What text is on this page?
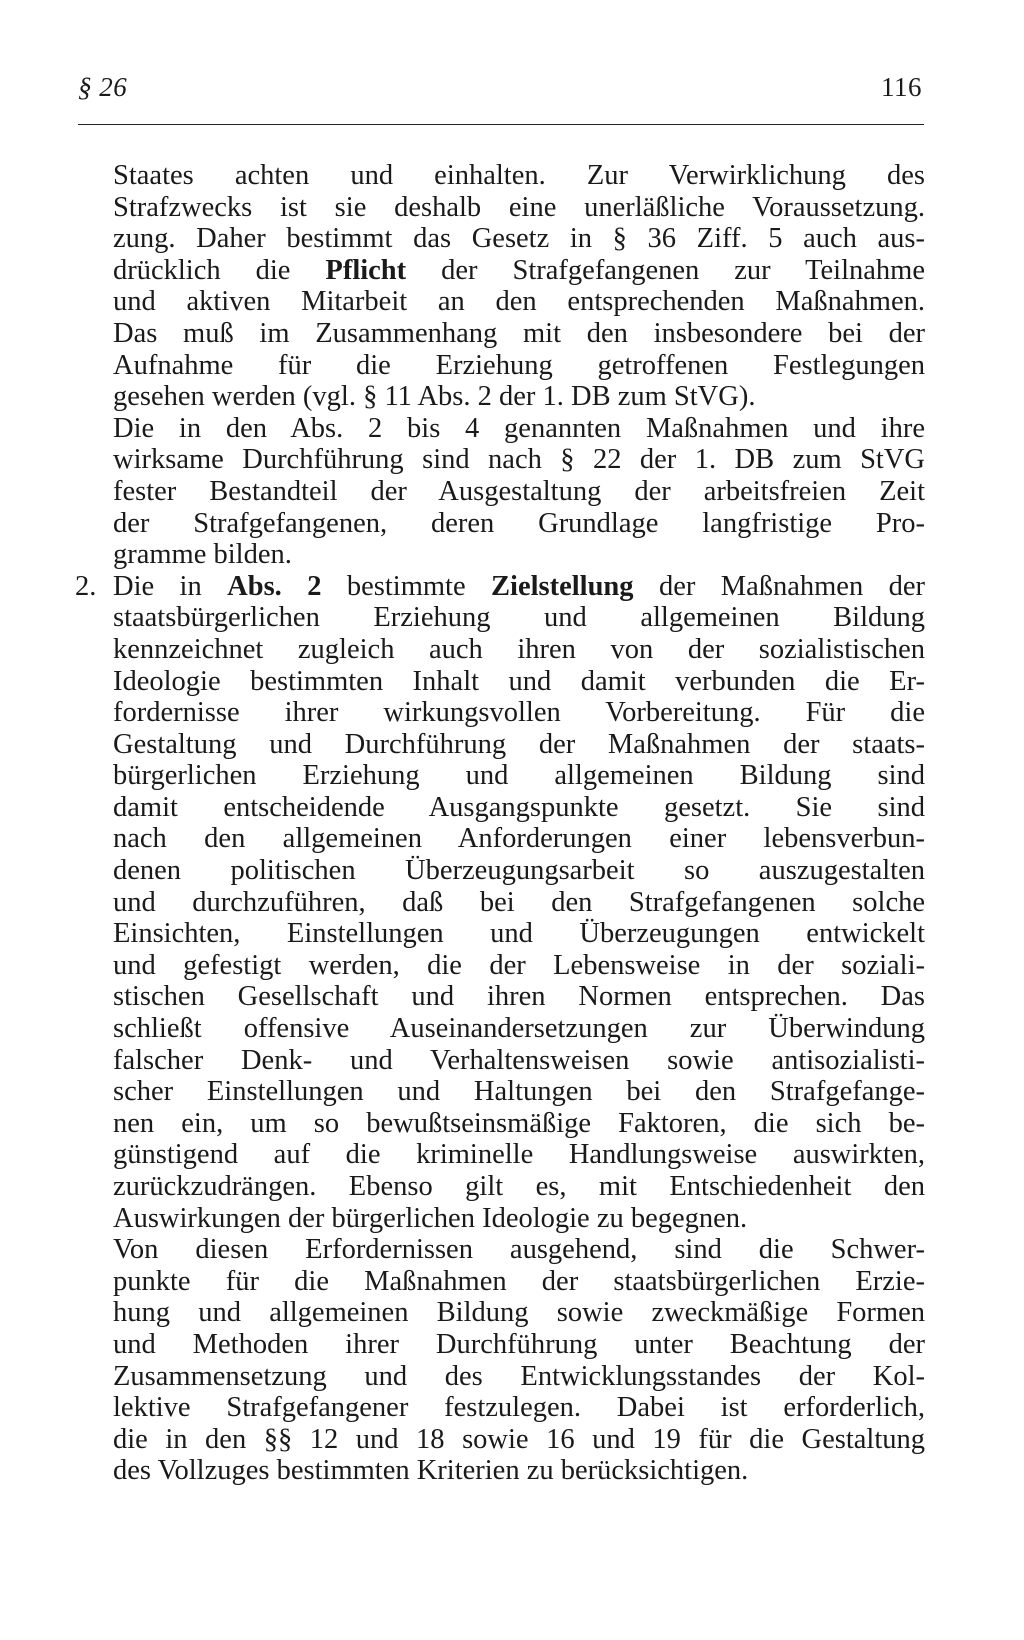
§ 26	116
Staates achten und einhalten. Zur Verwirklichung des
Strafzwecks ist sie deshalb eine unerläßliche Voraussetzung.
zung. Daher bestimmt das Gesetz in § 36 Ziff. 5 auch aus-
drücklich die Pflicht der Strafgefangenen zur Teilnahme
und aktiven Mitarbeit an den entsprechenden Maßnahmen.
Das muß im Zusammenhang mit den insbesondere bei der
Aufnahme für die Erziehung getroffenen Festlegungen
gesehen werden (vgl. § 11 Abs. 2 der 1. DB zum StVG).
Die in den Abs. 2 bis 4 genannten Maßnahmen und ihre
wirksame Durchführung sind nach § 22 der 1. DB zum StVG
fester Bestandteil der Ausgestaltung der arbeitsfreien Zeit
der Strafgefangenen, deren Grundlage langfristige Pro-
gramme bilden.
2. Die in Abs. 2 bestimmte Zielstellung der Maßnahmen der
staatsbürgerlichen Erziehung und allgemeinen Bildung
kennzeichnet zugleich auch ihren von der sozialistischen
Ideologie bestimmten Inhalt und damit verbunden die Er-
fordernisse ihrer wirkungsvollen Vorbereitung. Für die
Gestaltung und Durchführung der Maßnahmen der staats-
bürgerlichen Erziehung und allgemeinen Bildung sind
damit entscheidende Ausgangspunkte gesetzt. Sie sind
nach den allgemeinen Anforderungen einer lebensverbun-
denen politischen Überzeugungsarbeit so auszugestalten
und durchzuführen, daß bei den Strafgefangenen solche
Einsichten, Einstellungen und Überzeugungen entwickelt
und gefestigt werden, die der Lebensweise in der soziali-
stischen Gesellschaft und ihren Normen entsprechen. Das
schließt offensive Auseinandersetzungen zur Überwindung
falscher Denk- und Verhaltensweisen sowie antisozialisti-
scher Einstellungen und Haltungen bei den Strafgefange-
nen ein, um so bewußtseinsmäßige Faktoren, die sich be-
günstigend auf die kriminelle Handlungsweise auswirkten,
zurückzudrängen. Ebenso gilt es, mit Entschiedenheit den
Auswirkungen der bürgerlichen Ideologie zu begegnen.
Von diesen Erfordernissen ausgehend, sind die Schwer-
punkte für die Maßnahmen der staatsbürgerlichen Erzie-
hung und allgemeinen Bildung sowie zweckmäßige Formen
und Methoden ihrer Durchführung unter Beachtung der
Zusammensetzung und des Entwicklungsstandes der Kol-
lektive Strafgefangener festzulegen. Dabei ist erforderlich,
die in den §§ 12 und 18 sowie 16 und 19 für die Gestaltung
des Vollzuges bestimmten Kriterien zu berücksichtigen.
